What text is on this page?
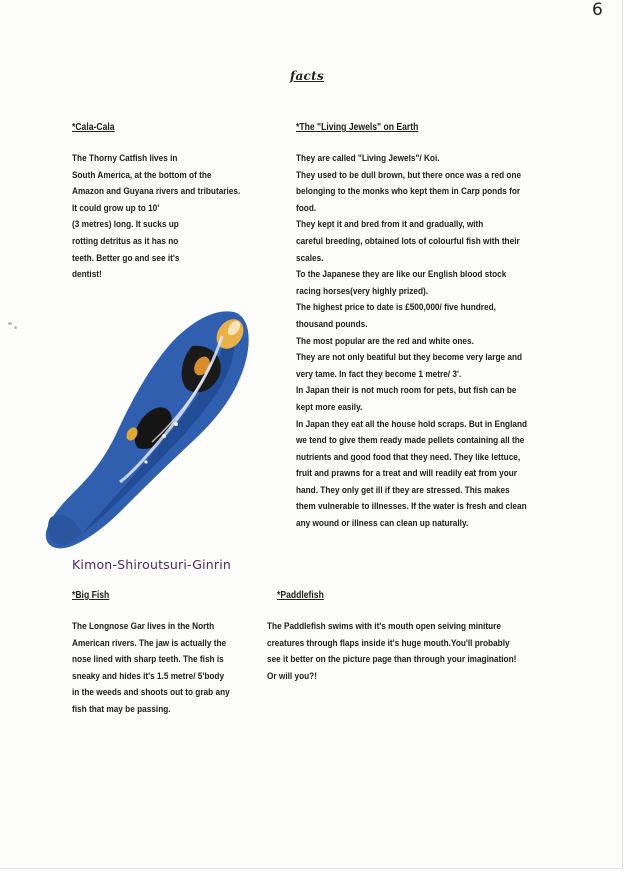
6
facts
*Cala-Cala
The Thorny Catfish lives in
South America, at the bottom of the
Amazon and Guyana rivers and tributaries.
It could grow up to 10'
(3 metres) long. It sucks up
rotting detritus as it has no
teeth. Better go and see it's
dentist!
*The "Living Jewels" on Earth
They are called "Living Jewels"/ Koi.
They used to be dull brown, but there once was a red one
belonging to the monks who kept them in Carp ponds for
food.
They kept it and bred from it and gradually, with
careful breeding, obtained lots of colourful fish with their
scales.
To the Japanese they are like our English blood stock
racing horses(very highly prized).
The highest price to date is £500,000/ five hundred,
thousand pounds.
The most popular are the red and white ones.
They are not only beatiful but they become very large and
very tame. In fact they become 1 metre/ 3'.
In Japan their is not much room for pets, but fish can be
kept more easily.
In Japan they eat all the house hold scraps. But in England
we tend to give them ready made pellets containing all the
nutrients and good food that they need. They like lettuce,
fruit and prawns for a treat and will readily eat from your
hand. They only get ill if they are stressed. This makes
them vulnerable to illnesses. If the water is fresh and clean
any wound or illness can clean up naturally.
Kimon-Shiroutsuri-Ginrin
*Big Fish
The Longnose Gar lives in the North
American rivers. The jaw is actually the
nose lined with sharp teeth. The fish is
sneaky and hides it's 1.5 metre/ 5'body
in the weeds and shoots out to grab any
fish that may be passing.
*Paddlefish
The Paddlefish swims with it's mouth open seiving miniture
creatures through flaps inside it's huge mouth.You'll probably
see it better on the picture page than through your imagination!
Or will you?!
